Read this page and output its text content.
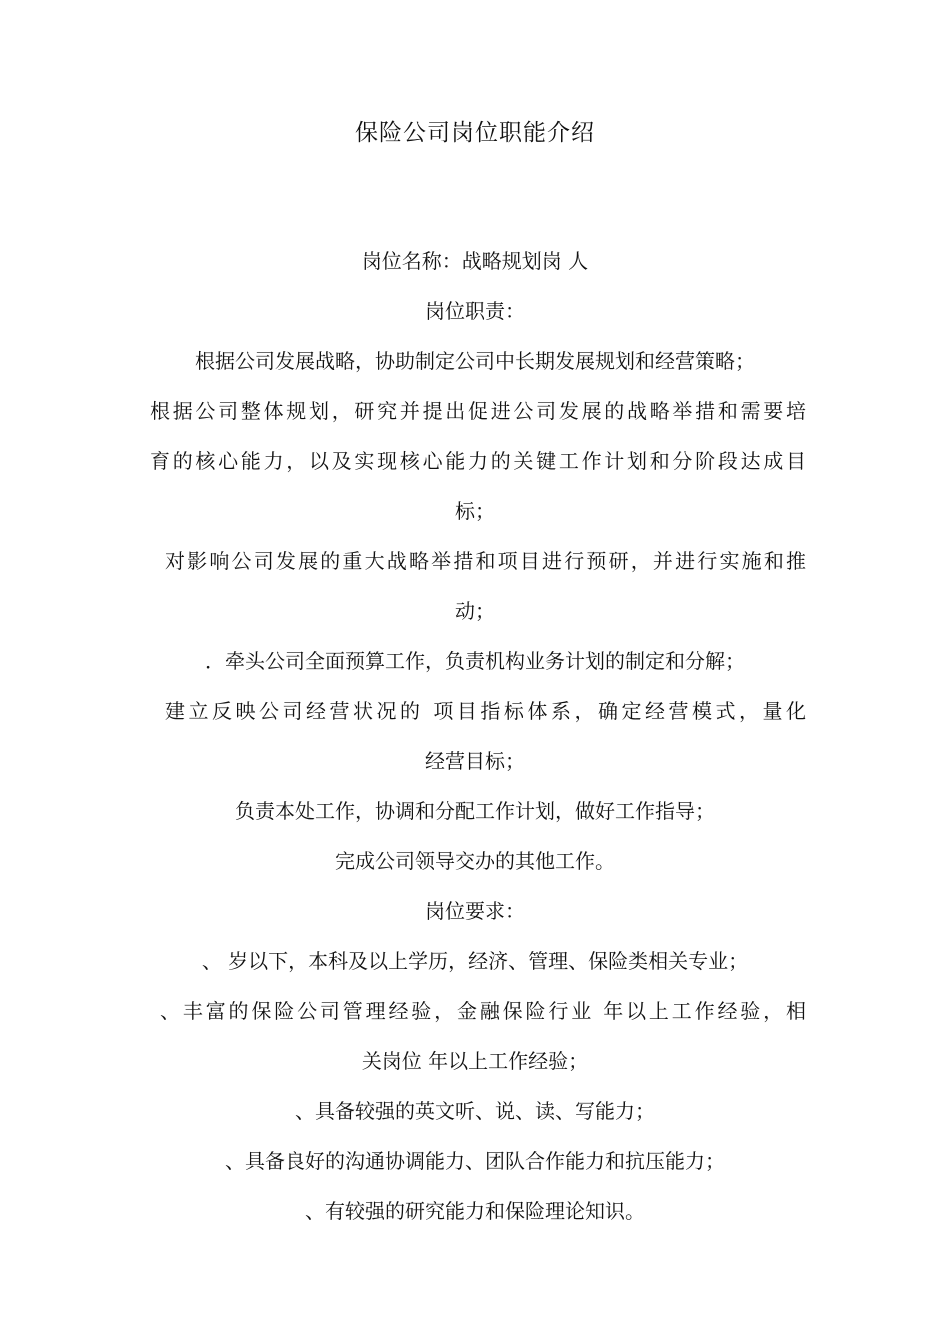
保险公司岗位职能介绍
岗位名称：战略规划岗 人
岗位职责：
根据公司发展战略，协助制定公司中长期发展规划和经营策略；
根据公司整体规划，研究并提出促进公司发展的战略举措和需要培
育的核心能力，以及实现核心能力的关键工作计划和分阶段达成目
标；
对影响公司发展的重大战略举措和项目进行预研，并进行实施和推
动；
．牵头公司全面预算工作，负责机构业务计划的制定和分解；
建立反映公司经营状况的 项目指标体系，确定经营模式，量化
经营目标；
负责本处工作，协调和分配工作计划，做好工作指导；
完成公司领导交办的其他工作。
岗位要求：
、 岁以下，本科及以上学历，经济、管理、保险类相关专业；
、丰富的保险公司管理经验，金融保险行业 年以上工作经验，相
关岗位 年以上工作经验；
、具备较强的英文听、说、读、写能力；
、具备良好的沟通协调能力、团队合作能力和抗压能力；
、有较强的研究能力和保险理论知识。
